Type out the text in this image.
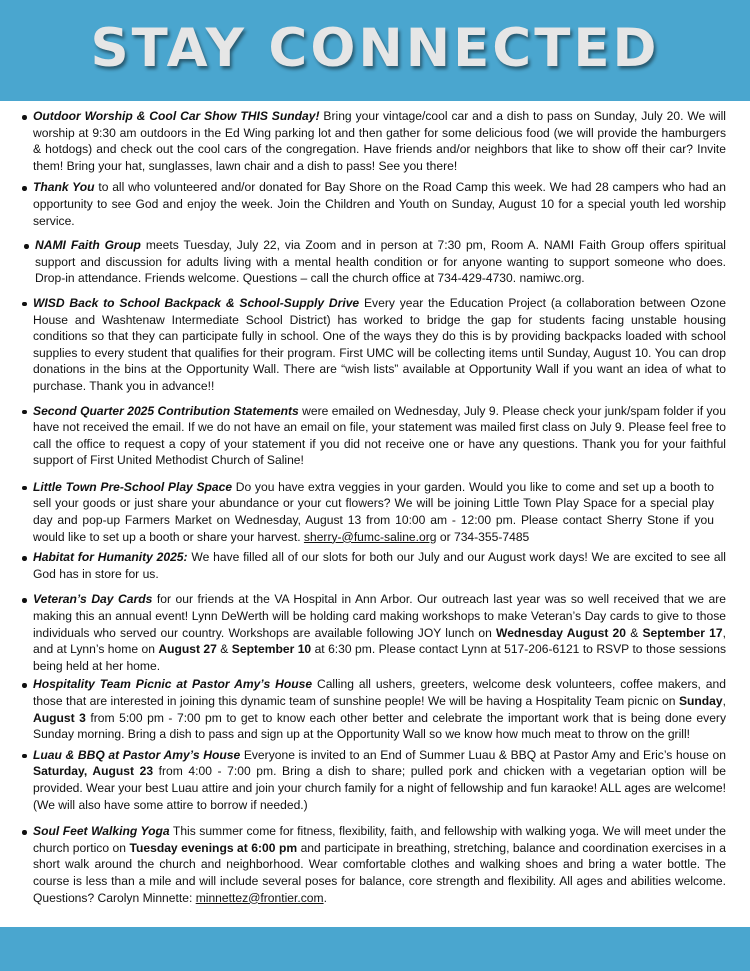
STAY CONNECTED
Outdoor Worship & Cool Car Show THIS Sunday! Bring your vintage/cool car and a dish to pass on Sunday, July 20. We will worship at 9:30 am outdoors in the Ed Wing parking lot and then gather for some delicious food (we will provide the hamburgers & hotdogs) and check out the cool cars of the congregation. Have friends and/or neighbors that like to show off their car? Invite them! Bring your hat, sunglasses, lawn chair and a dish to pass! See you there!
Thank You to all who volunteered and/or donated for Bay Shore on the Road Camp this week. We had 28 campers who had an opportunity to see God and enjoy the week. Join the Children and Youth on Sunday, August 10 for a special youth led worship service.
NAMI Faith Group meets Tuesday, July 22, via Zoom and in person at 7:30 pm, Room A. NAMI Faith Group offers spiritual support and discussion for adults living with a mental health condition or for anyone wanting to support someone who does. Drop-in attendance. Friends welcome. Questions – call the church office at 734-429-4730. namiwc.org.
WISD Back to School Backpack & School-Supply Drive Every year the Education Project (a collaboration between Ozone House and Washtenaw Intermediate School District) has worked to bridge the gap for students facing unstable housing conditions so that they can participate fully in school. One of the ways they do this is by providing backpacks loaded with school supplies to every student that qualifies for their program. First UMC will be collecting items until Sunday, August 10. You can drop donations in the bins at the Opportunity Wall. There are “wish lists” available at Opportunity Wall if you want an idea of what to purchase. Thank you in advance!!
Second Quarter 2025 Contribution Statements were emailed on Wednesday, July 9. Please check your junk/spam folder if you have not received the email. If we do not have an email on file, your statement was mailed first class on July 9. Please feel free to call the office to request a copy of your statement if you did not receive one or have any questions. Thank you for your faithful support of First United Methodist Church of Saline!
Little Town Pre-School Play Space Do you have extra veggies in your garden. Would you like to come and set up a booth to sell your goods or just share your abundance or your cut flowers? We will be joining Little Town Play Space for a special play day and pop-up Farmers Market on Wednesday, August 13 from 10:00 am - 12:00 pm. Please contact Sherry Stone if you would like to set up a booth or share your harvest. sherry-@fumc-saline.org or 734-355-7485
Habitat for Humanity 2025: We have filled all of our slots for both our July and our August work days! We are excited to see all God has in store for us.
Veteran’s Day Cards for our friends at the VA Hospital in Ann Arbor. Our outreach last year was so well received that we are making this an annual event! Lynn DeWerth will be holding card making workshops to make Veteran’s Day cards to give to those individuals who served our country. Workshops are available following JOY lunch on Wednesday August 20 & September 17, and at Lynn’s home on August 27 & September 10 at 6:30 pm. Please contact Lynn at 517-206-6121 to RSVP to those sessions being held at her home.
Hospitality Team Picnic at Pastor Amy’s House Calling all ushers, greeters, welcome desk volunteers, coffee makers, and those that are interested in joining this dynamic team of sunshine people! We will be having a Hospitality Team picnic on Sunday, August 3 from 5:00 pm - 7:00 pm to get to know each other better and celebrate the important work that is being done every Sunday morning. Bring a dish to pass and sign up at the Opportunity Wall so we know how much meat to throw on the grill!
Luau & BBQ at Pastor Amy’s House Everyone is invited to an End of Summer Luau & BBQ at Pastor Amy and Eric’s house on Saturday, August 23 from 4:00 - 7:00 pm. Bring a dish to share; pulled pork and chicken with a vegetarian option will be provided. Wear your best Luau attire and join your church family for a night of fellowship and fun karaoke! ALL ages are welcome! (We will also have some attire to borrow if needed.)
Soul Feet Walking Yoga This summer come for fitness, flexibility, faith, and fellowship with walking yoga. We will meet under the church portico on Tuesday evenings at 6:00 pm and participate in breathing, stretching, balance and coordination exercises in a short walk around the church and neighborhood. Wear comfortable clothes and walking shoes and bring a water bottle. The course is less than a mile and will include several poses for balance, core strength and flexibility. All ages and abilities welcome. Questions? Carolyn Minnette: minnettez@frontier.com.
